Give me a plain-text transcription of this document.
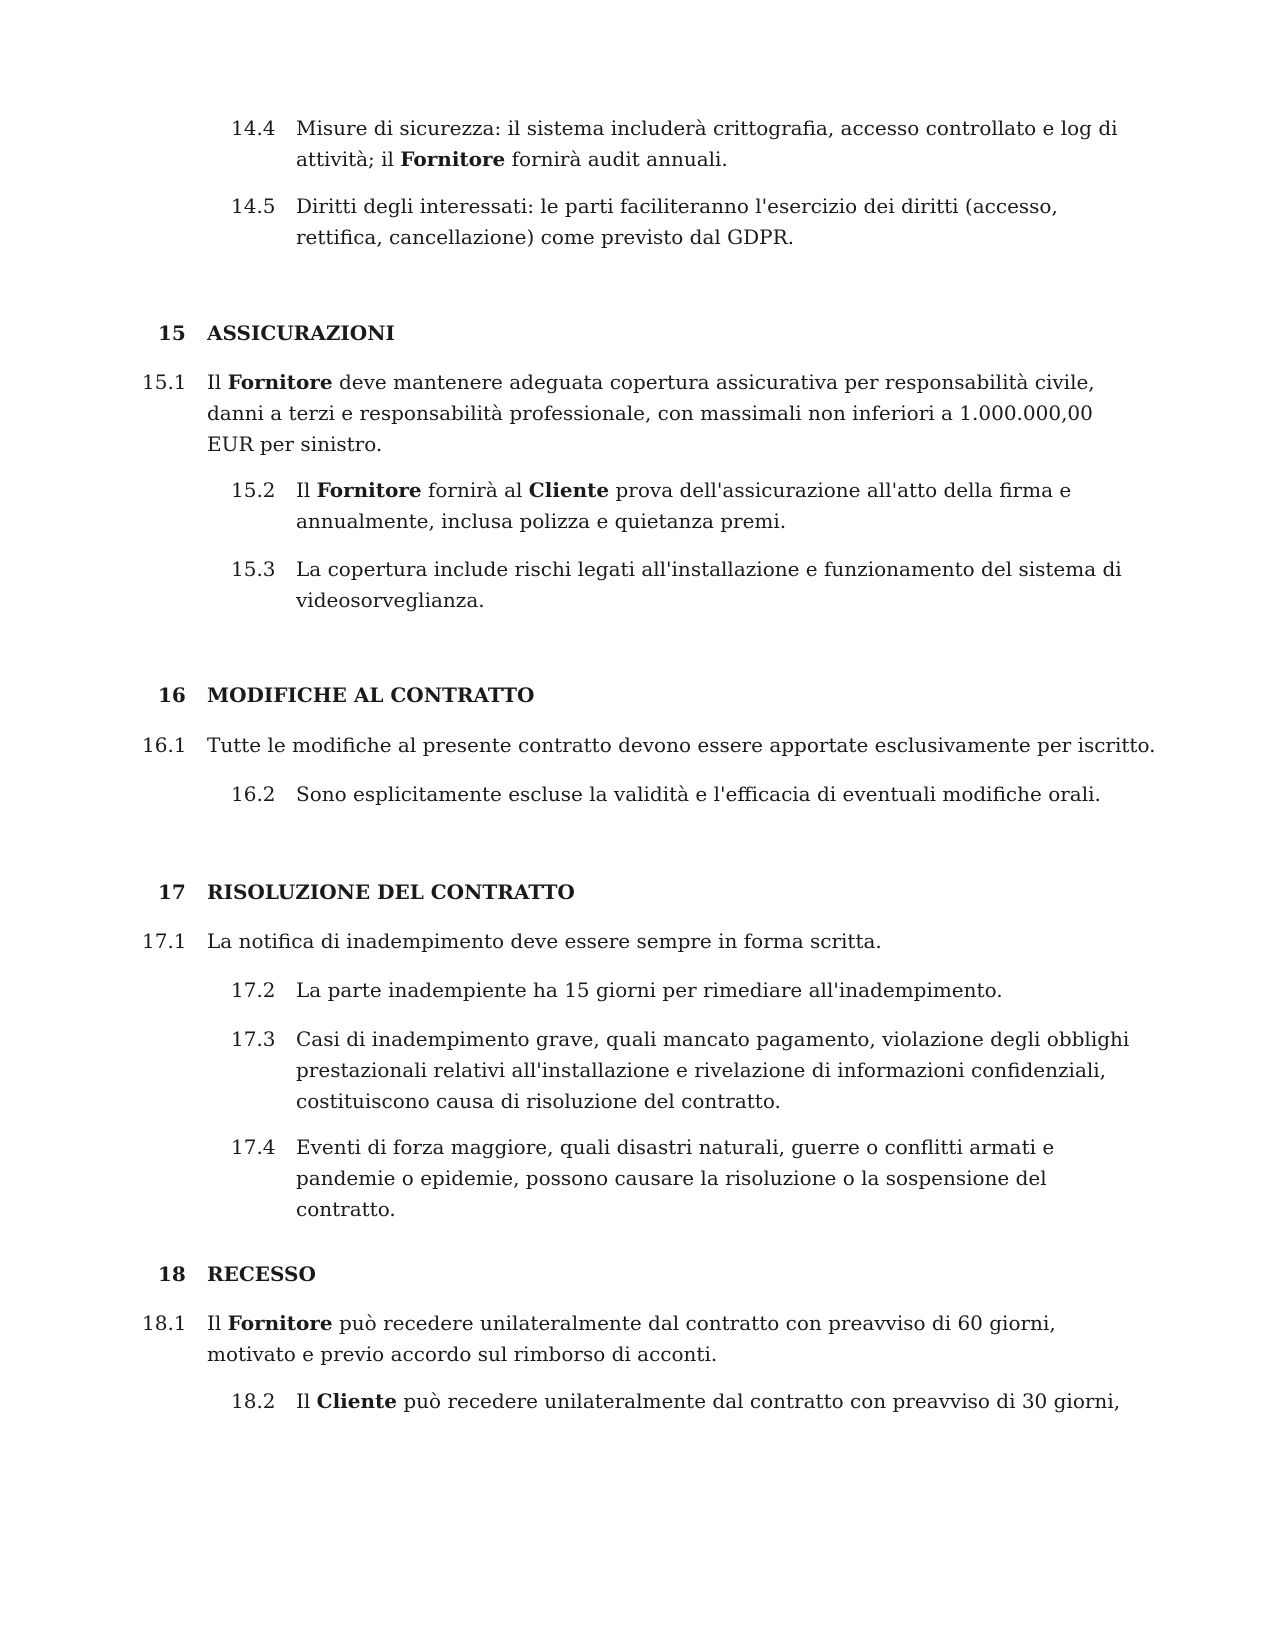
14.4 Misure di sicurezza: il sistema includerà crittografia, accesso controllato e log di attività; il Fornitore fornirà audit annuali.
14.5 Diritti degli interessati: le parti faciliteranno l'esercizio dei diritti (accesso, rettifica, cancellazione) come previsto dal GDPR.
15 ASSICURAZIONI
15.1 Il Fornitore deve mantenere adeguata copertura assicurativa per responsabilità civile, danni a terzi e responsabilità professionale, con massimali non inferiori a 1.000.000,00 EUR per sinistro.
15.2 Il Fornitore fornirà al Cliente prova dell'assicurazione all'atto della firma e annualmente, inclusa polizza e quietanza premi.
15.3 La copertura include rischi legati all'installazione e funzionamento del sistema di videosorveglianza.
16 MODIFICHE AL CONTRATTO
16.1 Tutte le modifiche al presente contratto devono essere apportate esclusivamente per iscritto.
16.2 Sono esplicitamente escluse la validità e l'efficacia di eventuali modifiche orali.
17 RISOLUZIONE DEL CONTRATTO
17.1 La notifica di inadempimento deve essere sempre in forma scritta.
17.2 La parte inadempiente ha 15 giorni per rimediare all'inadempimento.
17.3 Casi di inadempimento grave, quali mancato pagamento, violazione degli obblighi prestazionali relativi all'installazione e rivelazione di informazioni confidenziali, costituiscono causa di risoluzione del contratto.
17.4 Eventi di forza maggiore, quali disastri naturali, guerre o conflitti armati e pandemie o epidemie, possono causare la risoluzione o la sospensione del contratto.
18 RECESSO
18.1 Il Fornitore può recedere unilateralmente dal contratto con preavviso di 60 giorni, motivato e previo accordo sul rimborso di acconti.
18.2 Il Cliente può recedere unilateralmente dal contratto con preavviso di 30 giorni,
